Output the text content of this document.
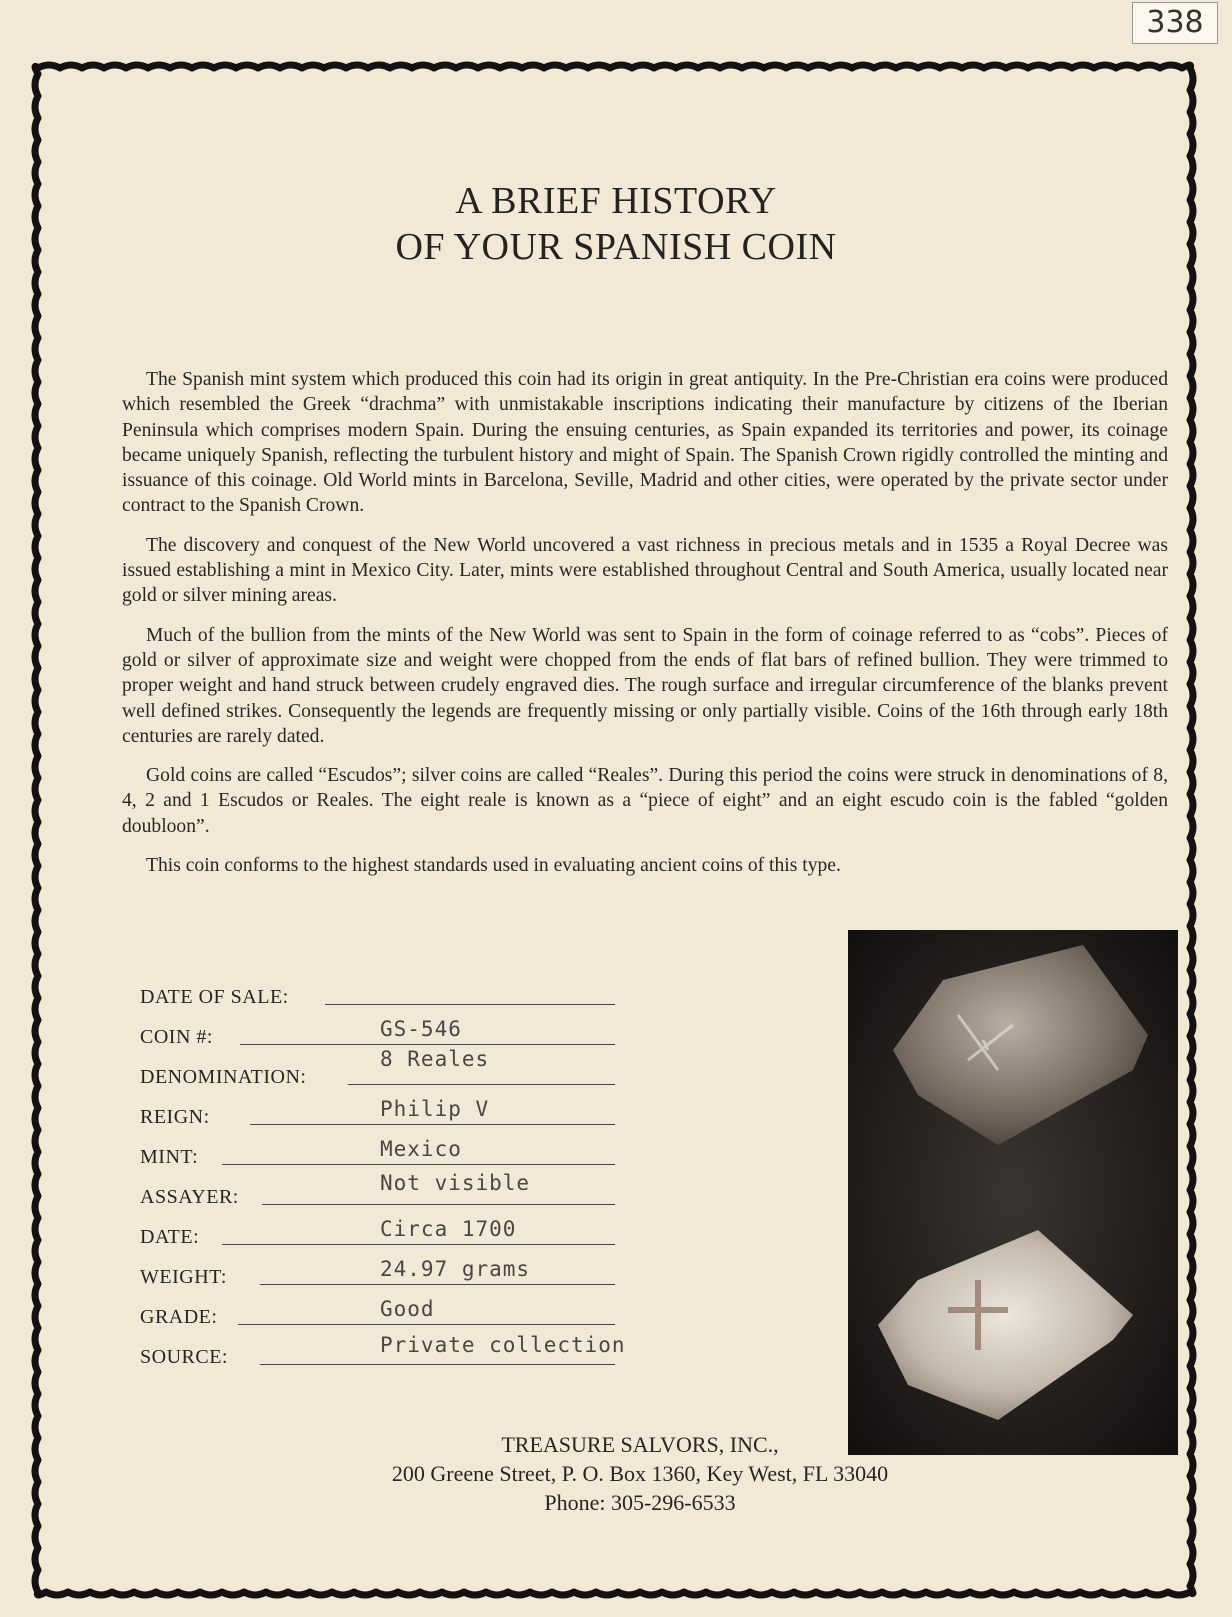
338
A BRIEF HISTORY
OF YOUR SPANISH COIN

The Spanish mint system which produced this coin had its origin in great antiquity. In the Pre-Christian era coins were produced which resembled the Greek “drachma” with unmistakable inscriptions indicating their manufacture by citizens of the Iberian Peninsula which comprises modern Spain. During the ensuing centuries, as Spain expanded its territories and power, its coinage became uniquely Spanish, reflecting the turbulent history and might of Spain. The Spanish Crown rigidly controlled the minting and issuance of this coinage. Old World mints in Barcelona, Seville, Madrid and other cities, were operated by the private sector under contract to the Spanish Crown.

The discovery and conquest of the New World uncovered a vast richness in precious metals and in 1535 a Royal Decree was issued establishing a mint in Mexico City. Later, mints were established throughout Central and South America, usually located near gold or silver mining areas.

Much of the bullion from the mints of the New World was sent to Spain in the form of coinage referred to as “cobs”. Pieces of gold or silver of approximate size and weight were chopped from the ends of flat bars of refined bullion. They were trimmed to proper weight and hand struck between crudely engraved dies. The rough surface and irregular circumference of the blanks prevent well defined strikes. Consequently the legends are frequently missing or only partially visible. Coins of the 16th through early 18th centuries are rarely dated.

Gold coins are called “Escudos”; silver coins are called “Reales”. During this period the coins were struck in denominations of 8, 4, 2 and 1 Escudos or Reales. The eight reale is known as a “piece of eight” and an eight escudo coin is the fabled “golden doubloon”.

This coin conforms to the highest standards used in evaluating ancient coins of this type.

DATE OF SALE:
COIN #:	GS-546
DENOMINATION:
8 Reales
REIGN:	Philip V
MINT:	Mexico
ASSAYER:
Not visible
DATE:	Circa 1700
WEIGHT:	24.97 grams
GRADE:	Good
SOURCE:	Private collection
TREASURE SALVORS, INC.,
200 Greene Street, P. O. Box 1360, Key West, FL 33040
Phone: 305-296-6533
